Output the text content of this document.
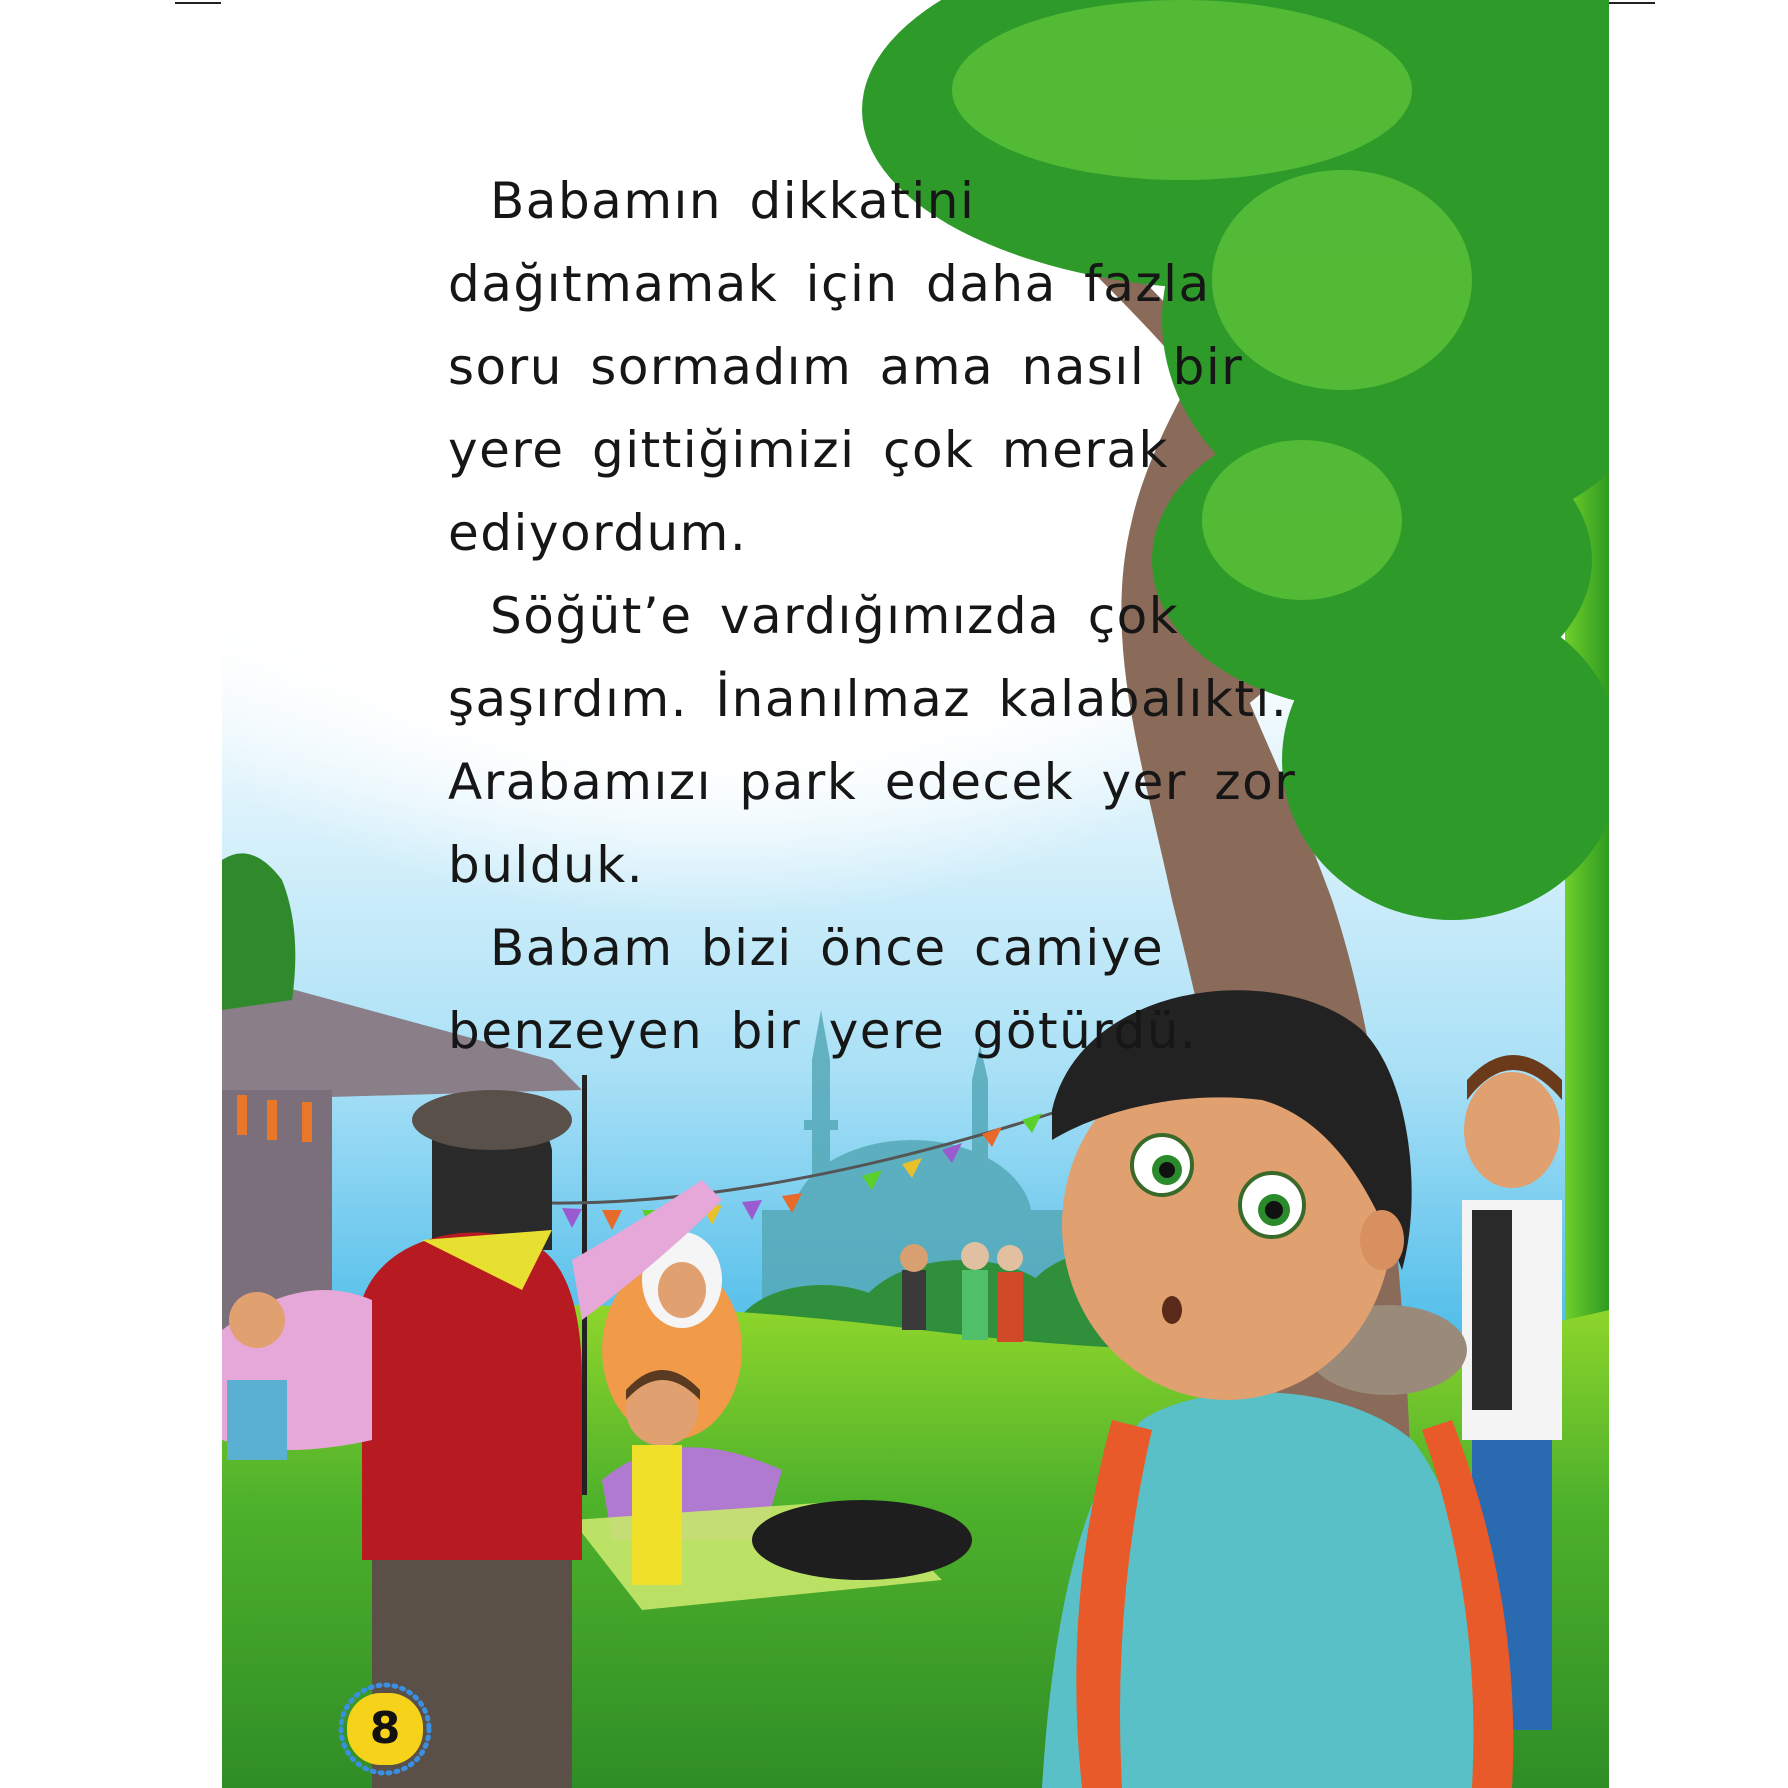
Babamın dikkatini dağıtmamak için daha fazla soru sormadım ama nasıl bir yere gittiğimizi çok merak ediyordum.

Söğüt’e vardığımızda çok şaşırdım. İnanılmaz kalabalıktı. Arabamızı park edecek yer zor bulduk.

Babam bizi önce camiye benzeyen bir yere götürdü.

8
